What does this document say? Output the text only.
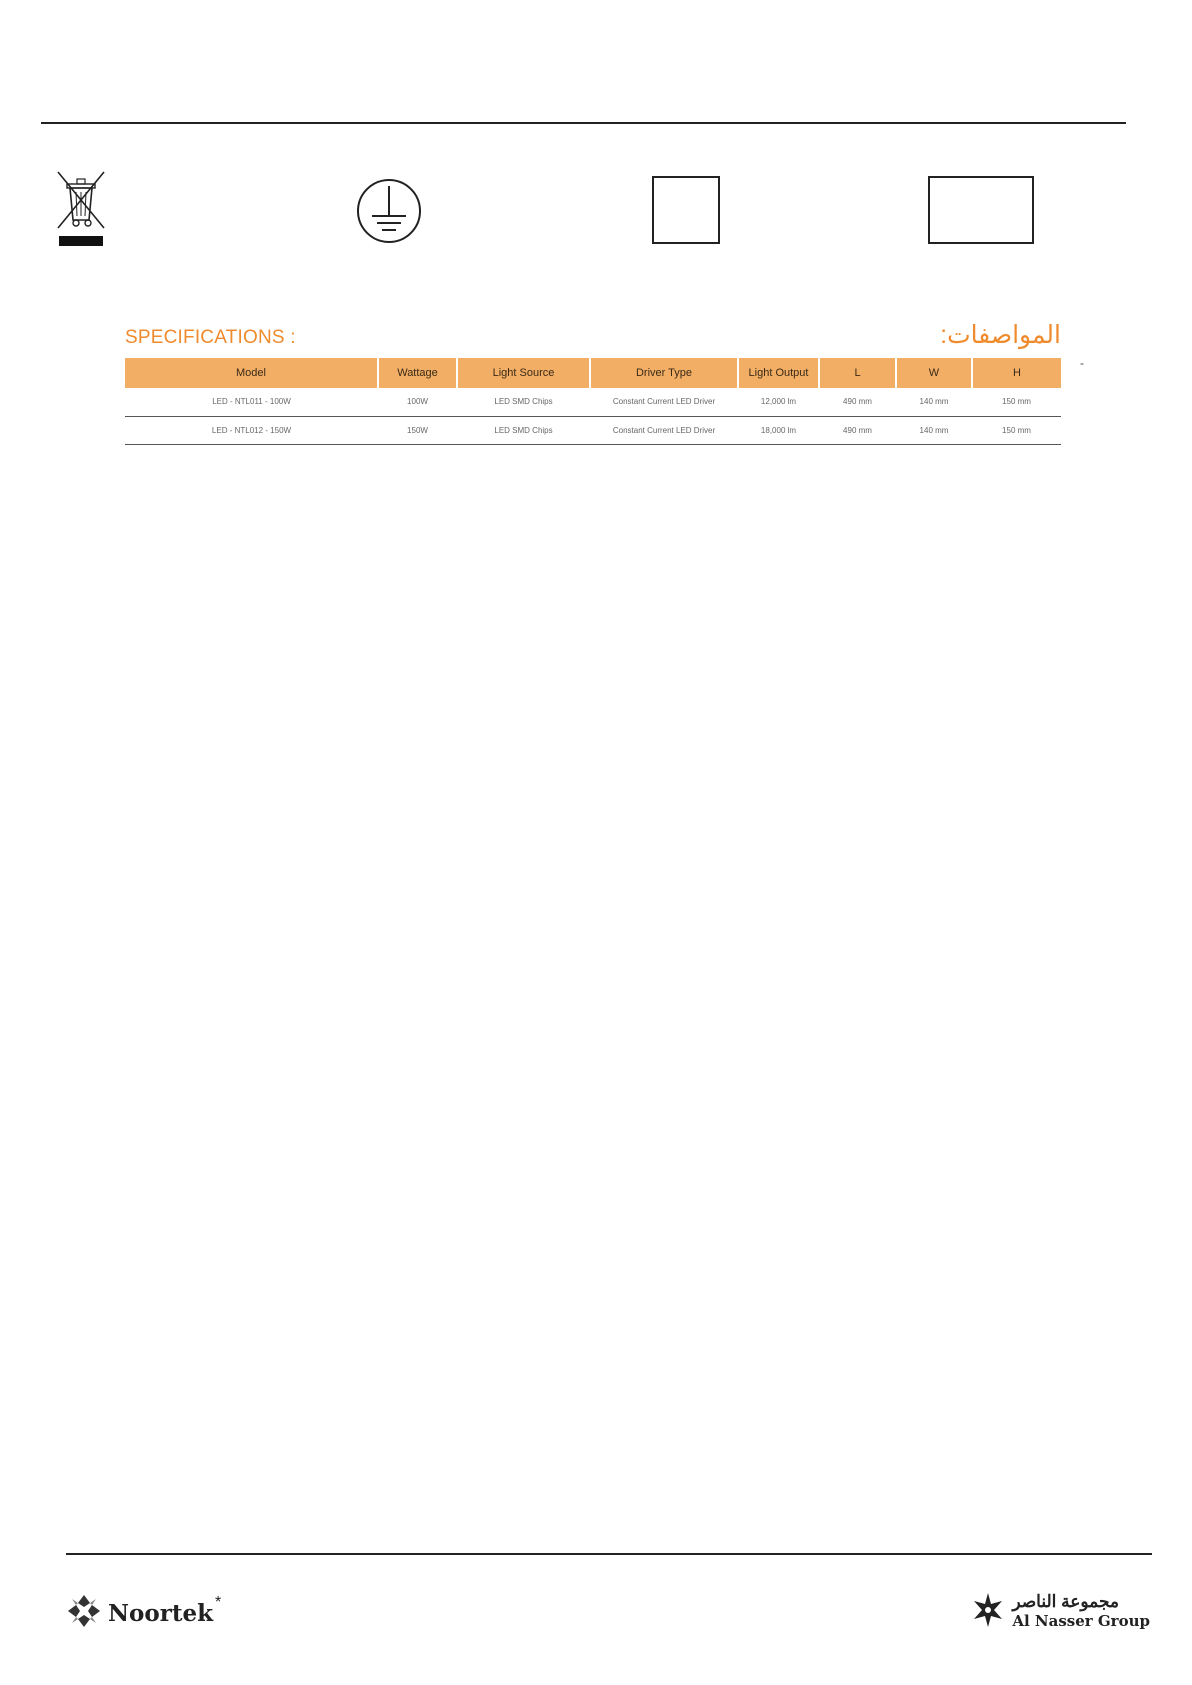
SPECIFICATIONS :	المواصفات:
-
Model	Wattage	Light Source	Driver Type	Light Output	L	W	H
LED - NTL011 - 100W	100W	LED SMD Chips	Constant Current LED Driver	12,000 lm	490 mm	140 mm	150 mm
LED - NTL012 - 150W	150W	LED SMD Chips	Constant Current LED Driver	18,000 lm	490 mm	140 mm	150 mm
Noortek *	مجموعة الناصر
Al Nasser Group
